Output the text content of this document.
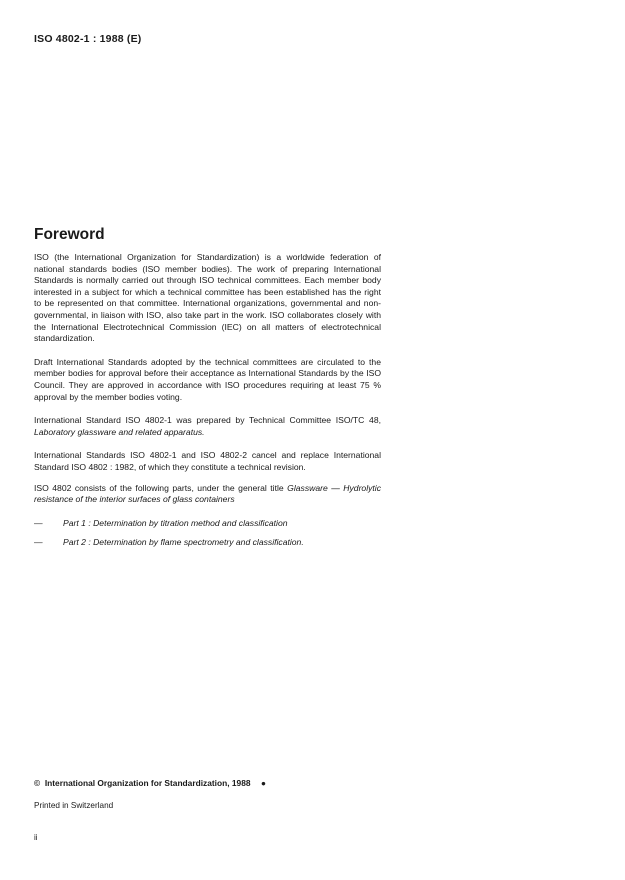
ISO 4802-1 : 1988 (E)
Foreword

ISO (the International Organization for Standardization) is a worldwide federation of national standards bodies (ISO member bodies). The work of preparing International Standards is normally carried out through ISO technical committees. Each member body interested in a subject for which a technical committee has been established has the right to be represented on that committee. International organizations, governmental and non-governmental, in liaison with ISO, also take part in the work. ISO collaborates closely with the International Electrotechnical Commission (IEC) on all matters of electrotechnical standardization.

Draft International Standards adopted by the technical committees are circulated to the member bodies for approval before their acceptance as International Standards by the ISO Council. They are approved in accordance with ISO procedures requiring at least 75 % approval by the member bodies voting.

International Standard ISO 4802-1 was prepared by Technical Committee ISO/TC 48, Laboratory glassware and related apparatus.

International Standards ISO 4802-1 and ISO 4802-2 cancel and replace International Standard ISO 4802 : 1982, of which they constitute a technical revision.

ISO 4802 consists of the following parts, under the general title Glassware — Hydrolytic resistance of the interior surfaces of glass containers

— Part 1 : Determination by titration method and classification
— Part 2 : Determination by flame spectrometry and classification.
© International Organization for Standardization, 1988 ●
Printed in Switzerland
ii
